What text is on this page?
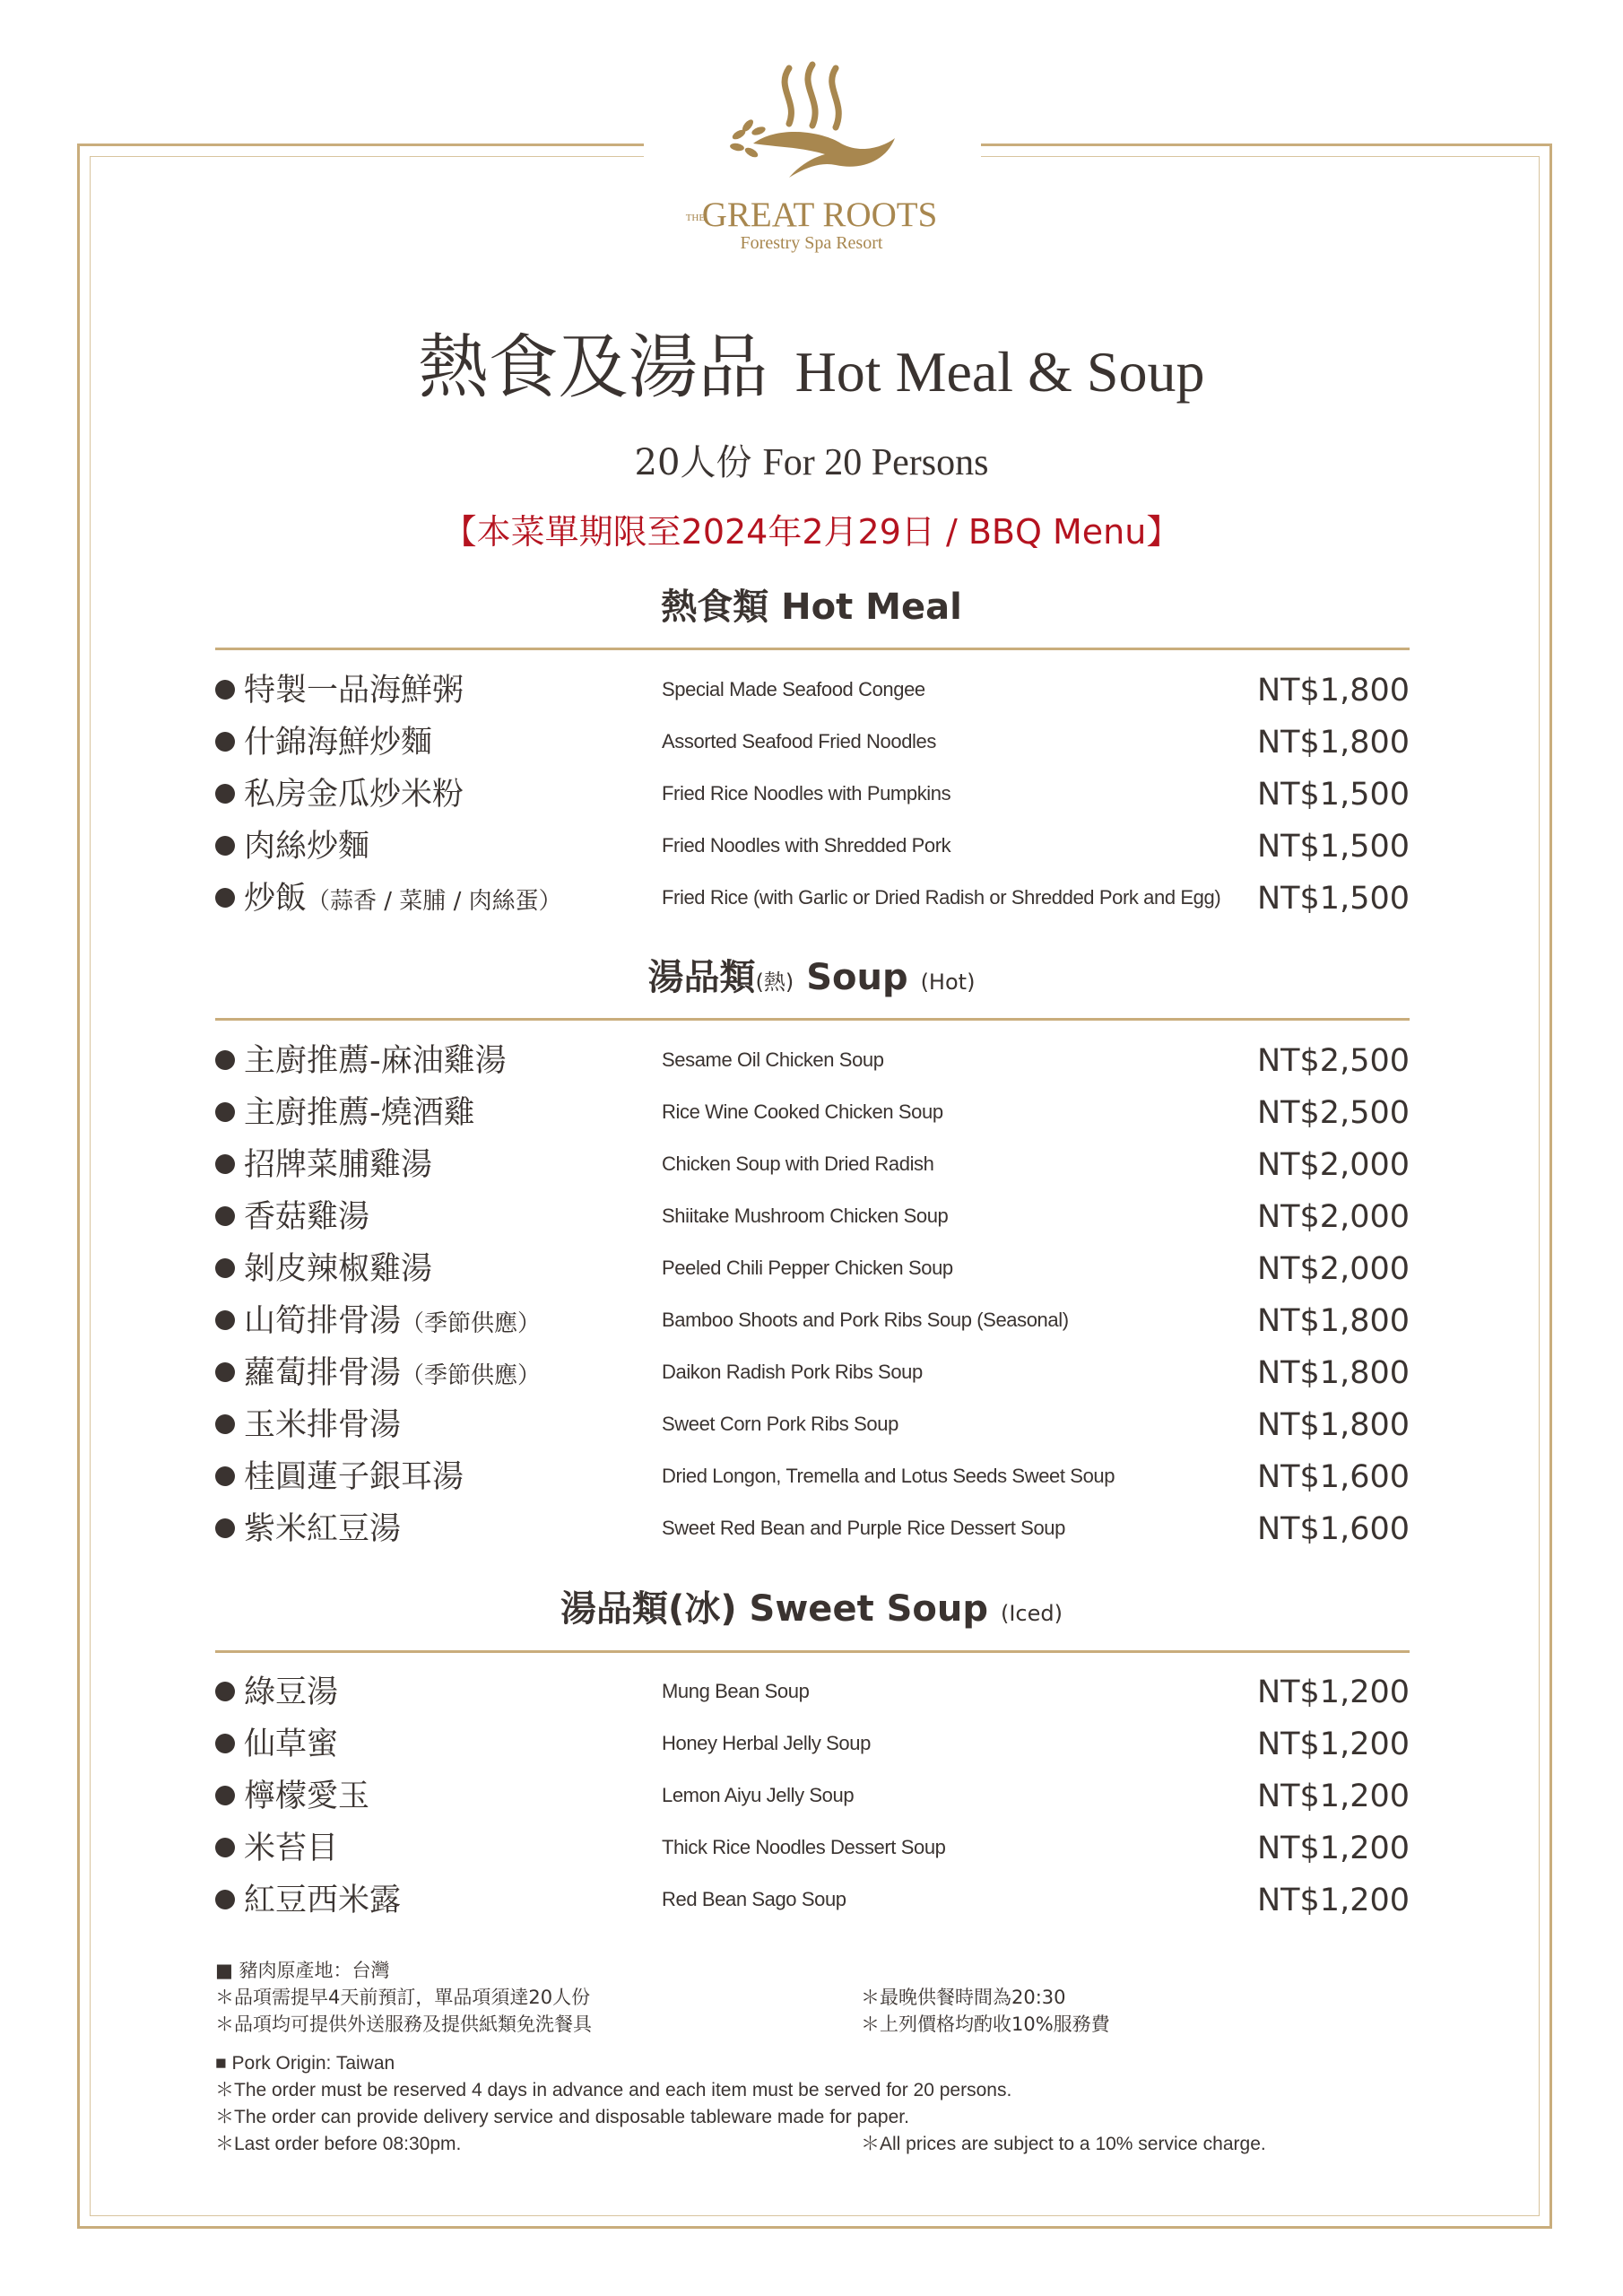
THEGREAT ROOTS
Forestry Spa Resort
熱食及湯品 Hot Meal & Soup
20人份 For 20 Persons
【本菜單期限至2024年2月29日 / BBQ Menu】
熱食類 Hot Meal
特製一品海鮮粥	Special Made Seafood Congee	NT$1,800
什錦海鮮炒麵	Assorted Seafood Fried Noodles	NT$1,800
私房金瓜炒米粉	Fried Rice Noodles with Pumpkins	NT$1,500
肉絲炒麵	Fried Noodles with Shredded Pork	NT$1,500
炒飯（蒜香 / 菜脯 / 肉絲蛋）	Fried Rice (with Garlic or Dried Radish or Shredded Pork and Egg) NT$1,500
湯品類(熱) Soup (Hot)
主廚推薦-麻油雞湯	Sesame Oil Chicken Soup	NT$2,500
主廚推薦-燒酒雞	Rice Wine Cooked Chicken Soup	NT$2,500
招牌菜脯雞湯	Chicken Soup with Dried Radish	NT$2,000
香菇雞湯	Shiitake Mushroom Chicken Soup	NT$2,000
剝皮辣椒雞湯	Peeled Chili Pepper Chicken Soup	NT$2,000
山筍排骨湯（季節供應）	Bamboo Shoots and Pork Ribs Soup (Seasonal)	NT$1,800
蘿蔔排骨湯（季節供應）	Daikon Radish Pork Ribs Soup	NT$1,800
玉米排骨湯	Sweet Corn Pork Ribs Soup	NT$1,800
桂圓蓮子銀耳湯	Dried Longon, Tremella and Lotus Seeds Sweet Soup	NT$1,600
紫米紅豆湯	Sweet Red Bean and Purple Rice Dessert Soup	NT$1,600
湯品類(冰) Sweet Soup (Iced)
綠豆湯	Mung Bean Soup	NT$1,200
仙草蜜	Honey Herbal Jelly Soup	NT$1,200
檸檬愛玉	Lemon Aiyu Jelly Soup	NT$1,200
米苔目	Thick Rice Noodles Dessert Soup	NT$1,200
紅豆西米露	Red Bean Sago Soup	NT$1,200
■ 豬肉原產地：台灣
＊品項需提早4天前預訂，單品項須達20人份	＊最晚供餐時間為20:30
＊品項均可提供外送服務及提供紙類免洗餐具	＊上列價格均酌收10%服務費
■ Pork Origin: Taiwan
＊The order must be reserved 4 days in advance and each item must be served for 20 persons.
＊The order can provide delivery service and disposable tableware made for paper.
＊Last order before 08:30pm.	＊All prices are subject to a 10% service charge.
